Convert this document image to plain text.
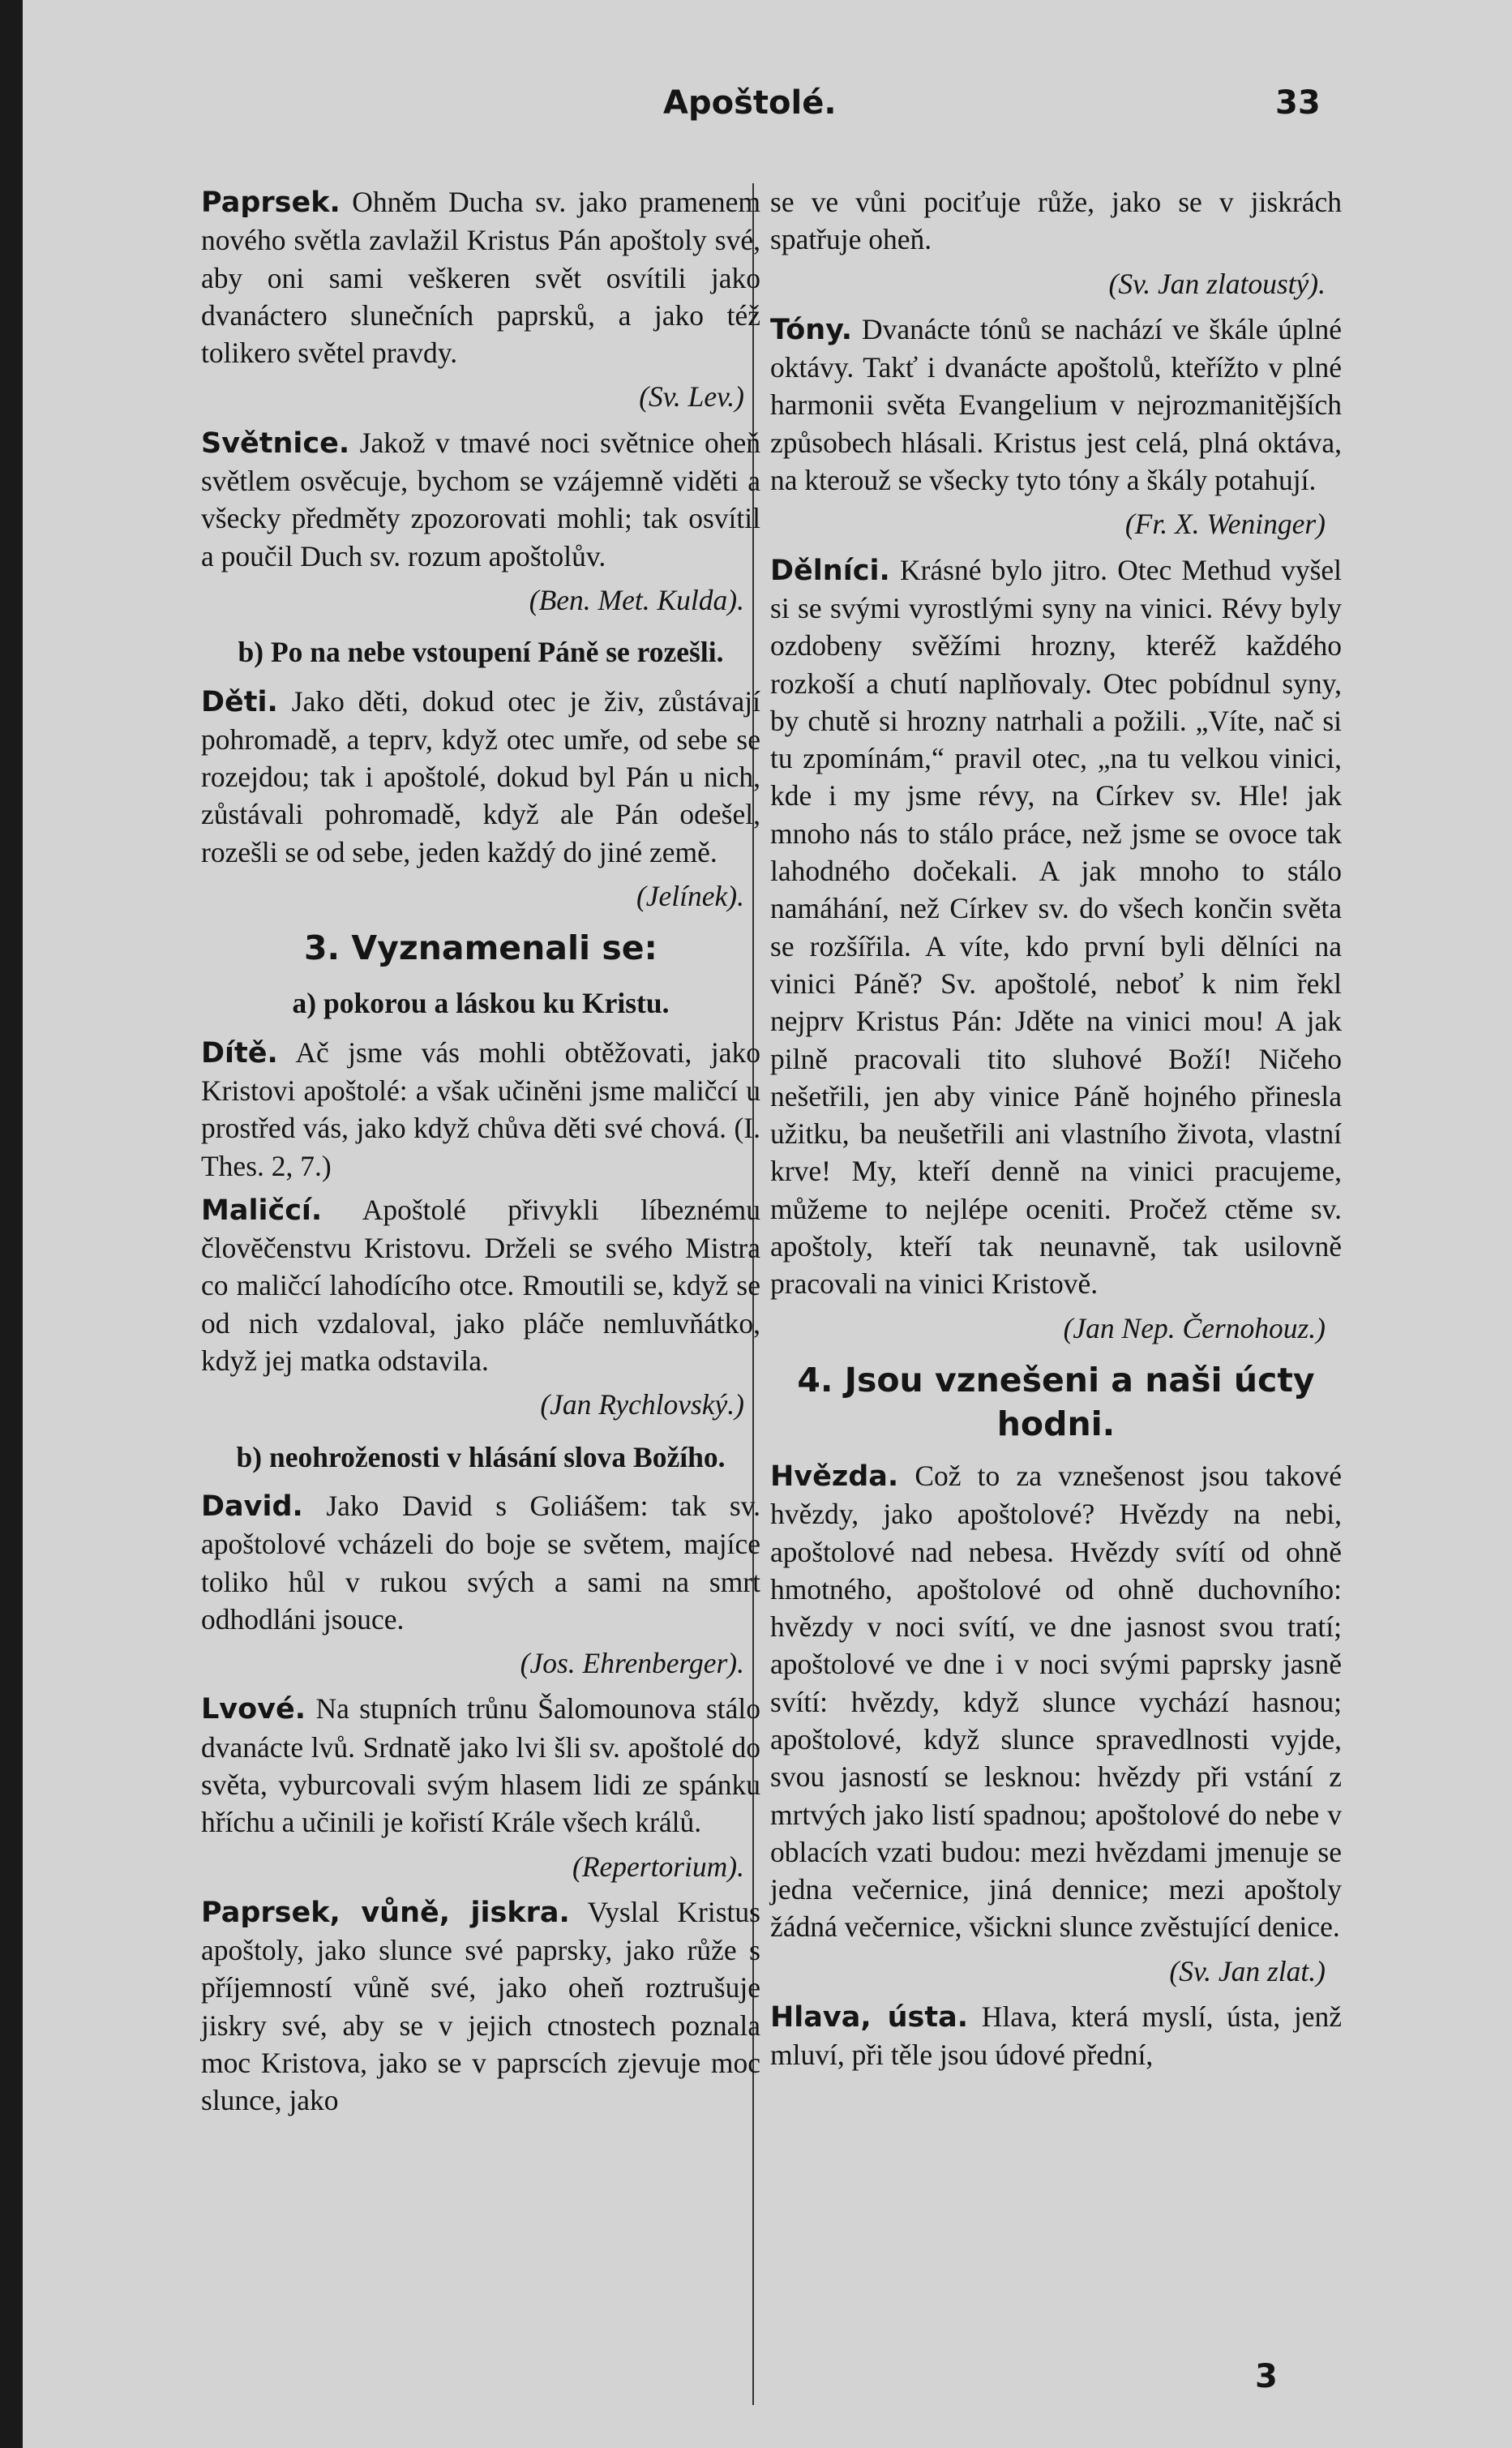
Apoštolé.	33

Paprsek. Ohněm Ducha sv. jako pramenem nového světla zavlažil Kristus Pán apoštoly své, aby oni sami veškeren svět osvítili jako dvanáctero slunečních paprsků, a jako též tolikero světel pravdy.

(Sv. Lev.)

Světnice. Jakož v tmavé noci světnice oheň světlem osvěcuje, bychom se vzájemně viděti a všecky předměty zpozorovati mohli; tak osvítil a poučil Duch sv. rozum apoštolův.

(Ben. Met. Kulda).

b) Po na nebe vstoupení Páně se rozešli.

Děti. Jako děti, dokud otec je živ, zůstávají pohromadě, a teprv, když otec umře, od sebe se rozejdou; tak i apoštolé, dokud byl Pán u nich, zůstávali pohromadě, když ale Pán odešel, rozešli se od sebe, jeden každý do jiné země.

(Jelínek).

3. Vyznamenali se:

a) pokorou a láskou ku Kristu.

Dítě. Ač jsme vás mohli obtěžovati, jako Kristovi apoštolé: a však učiněni jsme maličcí u prostřed vás, jako když chůva děti své chová. (I. Thes. 2, 7.)

Maličcí. Apoštolé přivykli líbeznému človĕčenstvu Kristovu. Drželi se svého Mistra co maličcí lahodícího otce. Rmoutili se, když se od nich vzdaloval, jako pláče nemluvňátko, když jej matka odstavila.

(Jan Rychlovský.)

b) neohroženosti v hlásání slova Božího.

David. Jako David s Goliášem: tak sv. apoštolové vcházeli do boje se světem, majíce toliko hůl v rukou svých a sami na smrt odhodláni jsouce.

(Jos. Ehrenberger).

Lvové. Na stupních trůnu Šalomounova stálo dvanácte lvů. Srdnatě jako lvi šli sv. apoštolé do světa, vyburcovali svým hlasem lidi ze spánku hříchu a učinili je kořistí Krále všech králů.

(Repertorium).

Paprsek, vůně, jiskra. Vyslal Kristus apoštoly, jako slunce své paprsky, jako růže s příjemností vůně své, jako oheň roztrušuje jiskry své, aby se v jejich ctnostech poznala moc Kristova, jako se v paprscích zjevuje moc slunce, jako

se ve vůni pociťuje růže, jako se v jiskrách spatřuje oheň.

(Sv. Jan zlatoustý).

Tóny. Dvanácte tónů se nachází ve škále úplné oktávy. Takť i dvanácte apoštolů, kteřížto v plné harmonii světa Evangelium v nejrozmanitějších způsobech hlásali. Kristus jest celá, plná oktáva, na kterouž se všecky tyto tóny a škály potahují.

(Fr. X. Weninger)

Dělníci. Krásné bylo jitro. Otec Methud vyšel si se svými vyrostlými syny na vinici. Révy byly ozdobeny svěžími hrozny, kteréž každého rozkoší a chutí naplňovaly. Otec pobídnul syny, by chutě si hrozny natrhali a požili. „Víte, nač si tu zpomínám,“ pravil otec, „na tu velkou vinici, kde i my jsme révy, na Církev sv. Hle! jak mnoho nás to stálo práce, než jsme se ovoce tak lahodného dočekali. A jak mnoho to stálo namáhání, než Církev sv. do všech končin světa se rozšířila. A víte, kdo první byli dělníci na vinici Páně? Sv. apoštolé, neboť k nim řekl nejprv Kristus Pán: Jděte na vinici mou! A jak pilně pracovali tito sluhové Boží! Ničeho nešetřili, jen aby vinice Páně hojného přinesla užitku, ba neušetřili ani vlastního života, vlastní krve! My, kteří denně na vinici pracujeme, můžeme to nejlépe oceniti. Pročež ctěme sv. apoštoly, kteří tak neunavně, tak usilovně pracovali na vinici Kristově.

(Jan Nep. Černohouz.)

4. Jsou vznešeni a naši úcty hodni.

Hvězda. Což to za vznešenost jsou takové hvězdy, jako apoštolové? Hvězdy na nebi, apoštolové nad nebesa. Hvězdy svítí od ohně hmotného, apoštolové od ohně duchovního: hvězdy v noci svítí, ve dne jasnost svou tratí; apoštolové ve dne i v noci svými paprsky jasně svítí: hvězdy, když slunce vychází hasnou; apoštolové, když slunce spravedlnosti vyjde, svou jasností se lesknou: hvězdy při vstání z mrtvých jako listí spadnou; apoštolové do nebe v oblacích vzati budou: mezi hvězdami jmenuje se jedna večernice, jiná dennice; mezi apoštoly žádná večernice, všickni slunce zvěstující denice.

(Sv. Jan zlat.)

Hlava, ústa. Hlava, která myslí, ústa, jenž mluví, při těle jsou údové přední,

3
